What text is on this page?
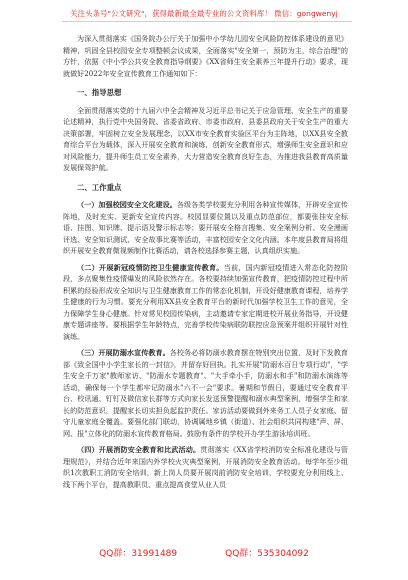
关注头条号"公文研究"，获得最新最全最专业的公文资料库！ 微信：gongwenyj

为深入贯彻落实《国务院办公厅关于加强中小学幼儿园安全风险防控体系建设的意见》精神，巩固全县校园安全专项整顿会议成果，全面落实"安全第一，预防为主，综合治理"的方针，依据《中小学公共安全教育指导纲要》《XX省师生安全素养三年提升行动》要求，现就做好2022年安全宣传教育工作通知如下：

一、指导思想

全面贯彻落实党的十九届六中全会精神及习近平总书记关于应急管理、安全生产的重要论述精神，执行党中央国务院、省委省政府、市委市政府、县委县政府关于安全生产的重大决策部署，牢固树立安全发展理念，以XX市安全教育实验区平台为主阵地，以XX县安全教育综合平台为载体，深入开展安全教育和演练，创新安全教育形式，增强师生安全意识和应对风险能力，提升师生员工安全素养，大力营造安全教育良好生态，为推进我县教育高质量发展保驾护航。

二、工作重点

（一）加强校园安全文化建设。各级各类学校要充分利用各种宣传媒体，开辟安全宣传阵地，及时充实、更新安全宣传内容。校园显要位置以及重点防范部位，都要张挂安全标语、挂图、知识牌、提示语及警示标志等；要开展安全格言搜集、安全案例分析、安全漫画评选、安全知识测试、安全故事比赛等活动，丰富校园安全文化内涵。本年度县教育局将组织开展安全教育微视频制作比赛活动，请各校选择参赛主题，认真组织实施。

（二）开展新冠疫情防控卫生健康宣传教育。当前，国内新冠疫情进入常态化防控阶段，多点聚集性疫情爆发的风险依然存在。各校要持续加强宣传教育，把疫情防控过程中所积累的经验形成安全知识与卫生健康教育工作的常态化机制，开设好健康教育课程，培养学生健康的行为习惯。要充分利用XX县安全教育平台的新时代加强学校卫生工作的意见，全力保障学生身心健康。针对常见校园传染病，主动邀请专家定期进校开展业务指导，开设健康专题讲座等。要根据学生年龄特点，完善学校传染病联防联控应急预案并组织开展针对性演练。

（三）开展防溺水宣传教育。各校务必将防溺水教育摆在特别突出位置，及时下发教育部《致全国中小学生家长的一封信》，并留存好回执。扎实开展"防溺水百日专项行动"，"学生安全千万家"教师家访、"防溺水专题教育"、"大手牵小手，防溺水和手"和防溺水演练等活动，确保每一个学生都牢记防溺水"六不一会"要求。暑期和节假日，要通过安全教育平台、校讯通、钉钉及微信家长群等方式向家长发送预警提醒和溺水典型案例，增强学生和家长的防范意识，提醒家长切实担负起监护责任。家访活动要做到外来务工人员子女家庭、留守儿童家庭全覆盖。要强化部门联动，协调属地乡镇（街道）、社会组织共同构建"声、屏、网、报"立体化的防溺水宣传教育格局。鼓励有条件的学校开办学生游泳培训班。

（四）开展消防安全教育和比武活动。贯彻落实《XX省学校消防安全标准化建设与管理规范》，并结合近年来国内外学校火灾典型案例，开展消防安全教育活动。每学年至少组织1次教职工消防安全培训，新上岗人员要开展岗前消防安全培训，学校要充分利用线上、线下两个平台，提高教职员、重点提高食堂从业人员

QQ群：31991489	QQ群：535304092
